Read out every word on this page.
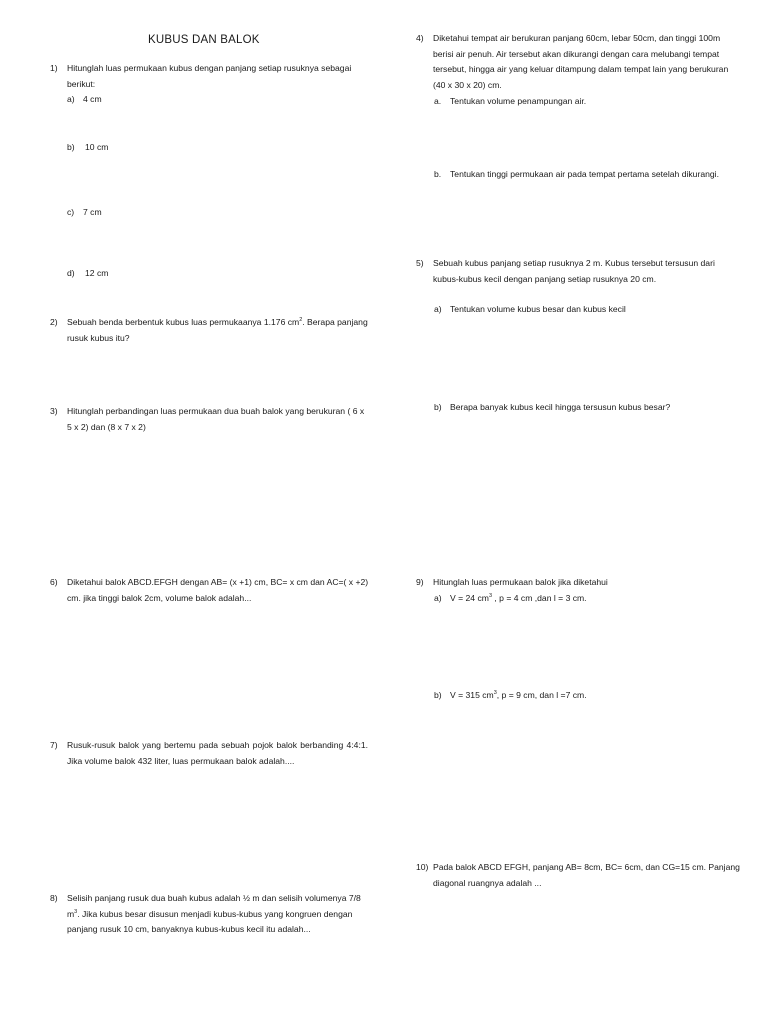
KUBUS DAN BALOK
1) Hitunglah luas permukaan kubus dengan panjang setiap rusuknya sebagai berikut:
a) 4 cm
b) 10 cm
c) 7 cm
d) 12 cm
2) Sebuah benda berbentuk kubus luas permukaanya 1.176 $cm^2$. Berapa panjang rusuk kubus itu?
3) Hitunglah perbandingan luas permukaan dua buah balok yang berukuran ( 6 x 5 x 2) dan (8 x 7 x 2)
6) Diketahui balok ABCD.EFGH dengan AB= (x +1) cm, BC= x cm dan AC=( x +2) cm. jika tinggi balok 2cm, volume balok adalah...
7) Rusuk-rusuk balok yang bertemu pada sebuah pojok balok berbanding 4:4:1. Jika volume balok 432 liter, luas permukaan balok adalah....
8) Selisih panjang rusuk dua buah kubus adalah ½ m dan selisih volumenya 7/8 $m^3$. Jika kubus besar disusun menjadi kubus-kubus yang kongruen dengan panjang rusuk 10 cm, banyaknya kubus-kubus kecil itu adalah...
4) Diketahui tempat air berukuran panjang 60cm, lebar 50cm, dan tinggi 100m berisi air penuh. Air tersebut akan dikurangi dengan cara melubangi tempat tersebut, hingga air yang keluar ditampung dalam tempat lain yang berukuran (40 x 30 x 20) cm.
a. Tentukan volume penampungan air.
b.	Tentukan tinggi permukaan air pada tempat pertama setelah dikurangi.
5) Sebuah kubus panjang setiap rusuknya 2 m. Kubus tersebut tersusun dari kubus-kubus kecil dengan panjang setiap rusuknya 20 cm.
a) Tentukan volume kubus besar dan kubus kecil
b) Berapa banyak kubus kecil hingga tersusun kubus besar?
9) Hitunglah luas permukaan balok jika diketahui
a) V = 24 $cm^3$ , p = 4 cm ,dan l = 3 cm.
b) V = 315 $cm^3$, p = 9 cm, dan l =7 cm.
10) Pada balok ABCD EFGH, panjang AB= 8cm, BC= 6cm, dan CG=15 cm. Panjang diagonal ruangnya adalah ...
